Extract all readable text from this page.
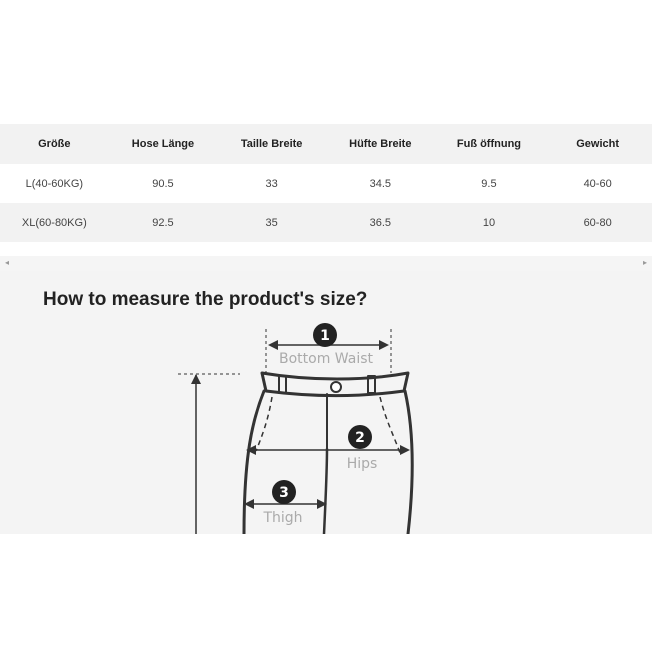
Größe	Hose Länge	Taille Breite	Hüfte Breite	Fuß öffnung	Gewicht
L(40-60KG)	90.5	33	34.5	9.5	40-60
XL(60-80KG)	92.5	35	36.5	10	60-80
◂	▸
How to measure the product's size?
1
Bottom Waist
2
Hips
3
Thigh
